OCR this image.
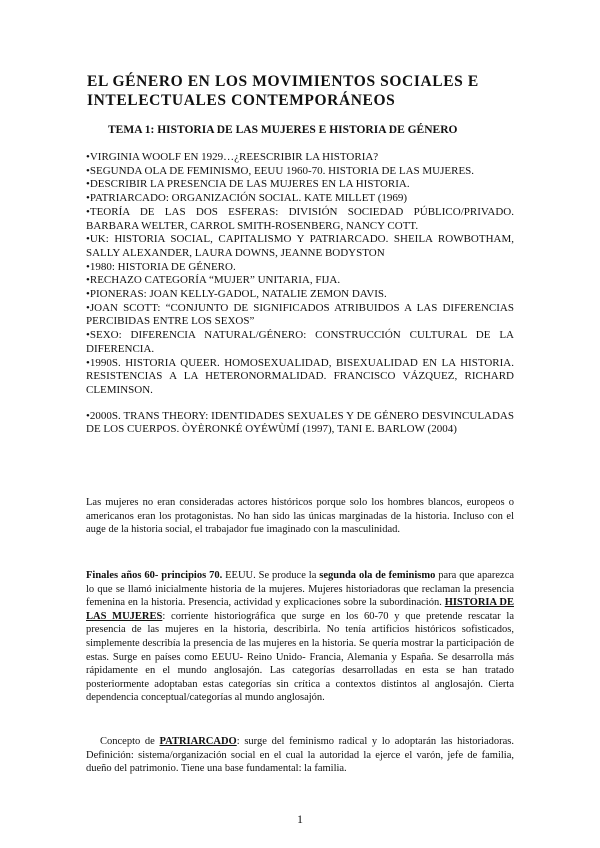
EL GÉNERO EN LOS MOVIMIENTOS SOCIALES E INTELECTUALES CONTEMPORÁNEOS
TEMA 1: HISTORIA DE LAS MUJERES E HISTORIA DE GÉNERO

•VIRGINIA WOOLF EN 1929…¿REESCRIBIR LA HISTORIA?

•SEGUNDA OLA DE FEMINISMO, EEUU 1960-70. HISTORIA DE LAS MUJERES.

•DESCRIBIR LA PRESENCIA DE LAS MUJERES EN LA HISTORIA.

•PATRIARCADO: ORGANIZACIÓN SOCIAL. KATE MILLET (1969)

•TEORÍA DE LAS DOS ESFERAS: DIVISIÓN SOCIEDAD PÚBLICO/PRIVADO. BARBARA WELTER, CARROL SMITH-ROSENBERG, NANCY COTT.

•UK: HISTORIA SOCIAL, CAPITALISMO Y PATRIARCADO. SHEILA ROWBOTHAM, SALLY ALEXANDER, LAURA DOWNS, JEANNE BODYSTON

•1980: HISTORIA DE GÉNERO.

•RECHAZO CATEGORÍA “MUJER” UNITARIA, FIJA.

•PIONERAS: JOAN KELLY-GADOL, NATALIE ZEMON DAVIS.

•JOAN SCOTT: “CONJUNTO DE SIGNIFICADOS ATRIBUIDOS A LAS DIFERENCIAS PERCIBIDAS ENTRE LOS SEXOS”

•SEXO: DIFERENCIA NATURAL/GÉNERO: CONSTRUCCIÓN CULTURAL DE LA DIFERENCIA.

•1990S. HISTORIA QUEER. HOMOSEXUALIDAD, BISEXUALIDAD EN LA HISTORIA. RESISTENCIAS A LA HETERONORMALIDAD. FRANCISCO VÁZQUEZ, RICHARD CLEMINSON.

•2000S. TRANS THEORY: IDENTIDADES SEXUALES Y DE GÉNERO DESVINCULADAS DE LOS CUERPOS. ÒYÈRONKÉ OYÉWÙMÍ (1997), TANI E. BARLOW (2004)

Las mujeres no eran consideradas actores históricos porque solo los hombres blancos, europeos o americanos eran los protagonistas. No han sido las únicas marginadas de la historia. Incluso con el auge de la historia social, el trabajador fue imaginado con la masculinidad.

Finales años 60- principios 70. EEUU. Se produce la segunda ola de feminismo para que aparezca lo que se llamó inicialmente historia de la mujeres. Mujeres historiadoras que reclaman la presencia femenina en la historia. Presencia, actividad y explicaciones sobre la subordinación. HISTORIA DE LAS MUJERES: corriente historiográfica que surge en los 60-70 y que pretende rescatar la presencia de las mujeres en la historia, describirla. No tenía artificios históricos sofisticados, simplemente describía la presencia de las mujeres en la historia. Se quería mostrar la participación de estas. Surge en países como EEUU- Reino Unido- Francia, Alemania y España. Se desarrolla más rápidamente en el mundo anglosajón. Las categorías desarrolladas en esta se han tratado posteriormente adoptaban estas categorías sin crítica a contextos distintos al anglosajón. Cierta dependencia conceptual/categorías al mundo anglosajón.

Concepto de PATRIARCADO: surge del feminismo radical y lo adoptarán las historiadoras. Definición: sistema/organización social en el cual la autoridad la ejerce el varón, jefe de familia, dueño del patrimonio. Tiene una base fundamental: la familia.

1
